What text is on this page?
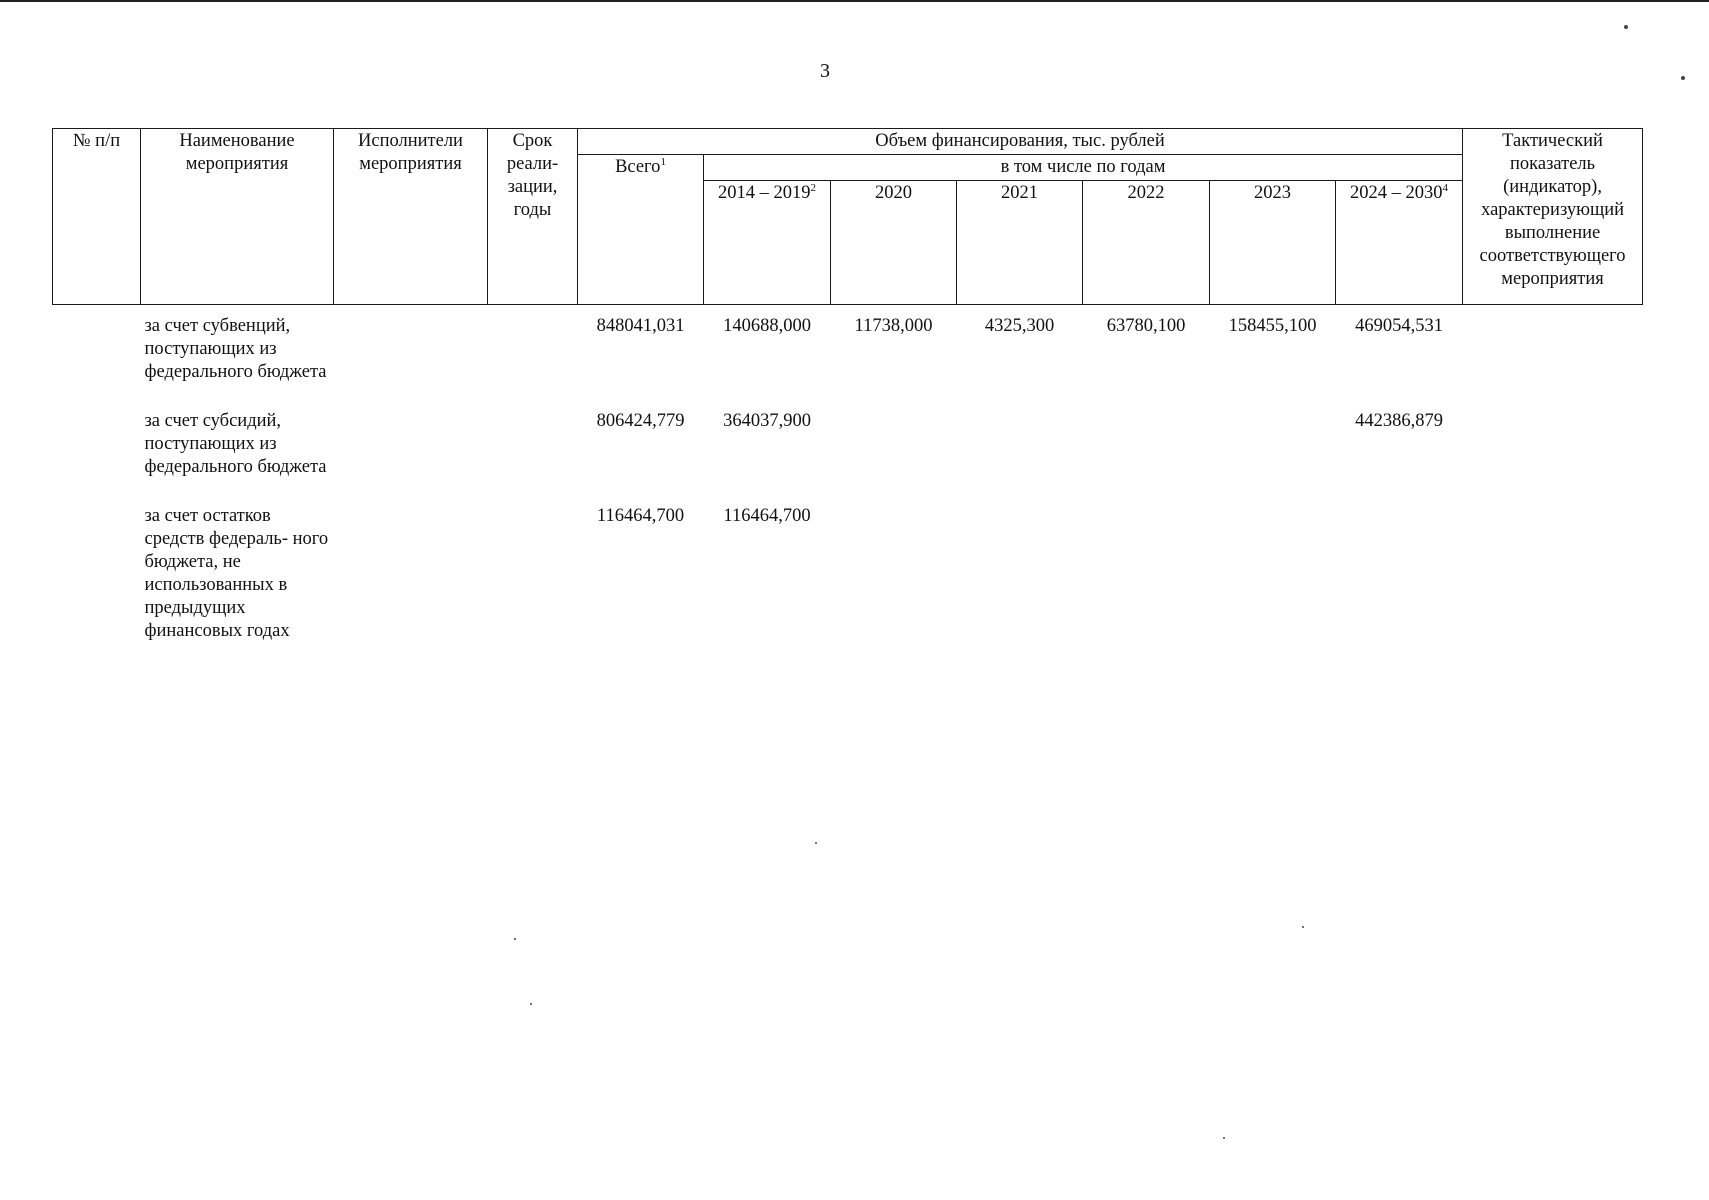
3
№ п/п	Наименование мероприятия	Исполнители мероприятия	Срок реали- зации, годы	Объем финансирования, тыс. рублей							Тактический показатель (индикатор), характеризующий выполнение соответствующего мероприятия
				Всего$^1$	в том числе по годам						
					2014 – 2019$^2$	2020	2021	2022	2023	2024 – 2030$^4$
	за счет субвенций, поступающих из федерального бюджета			848041,031	140688,000	11738,000	4325,300	63780,100	158455,100	469054,531	
	за счет субсидий, поступающих из федерального бюджета			806424,779	364037,900					442386,879	
	за счет остатков средств федераль- ного бюджета, не использованных в предыдущих финансовых годах			116464,700	116464,700						
